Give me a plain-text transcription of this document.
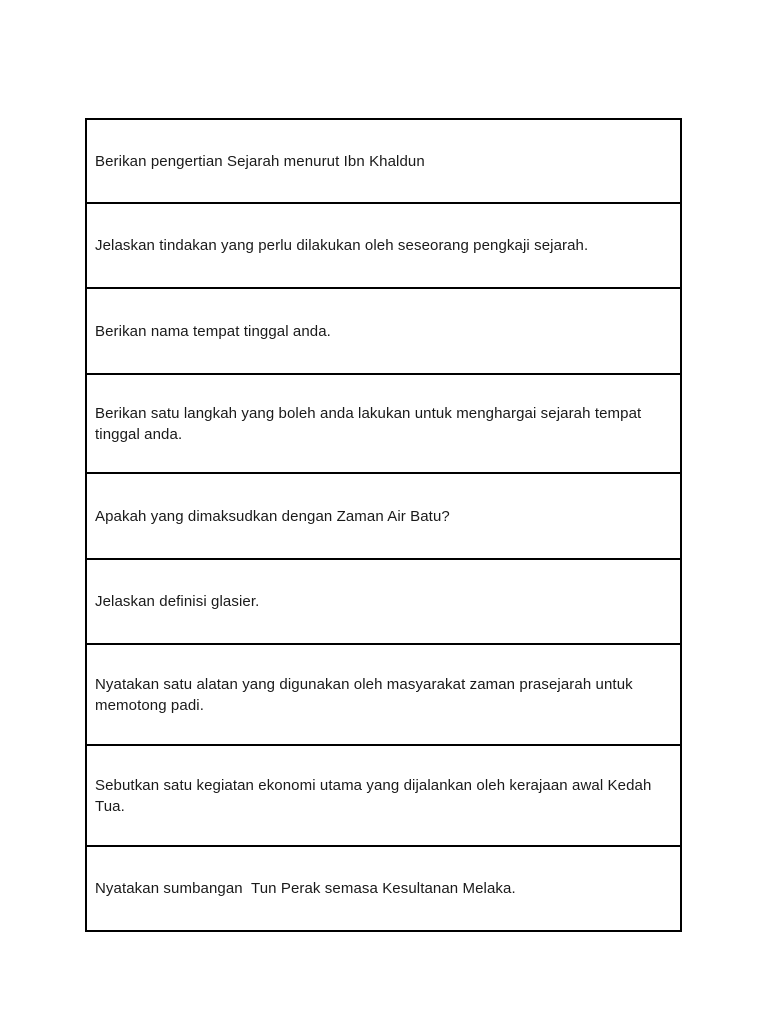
Berikan pengertian Sejarah menurut Ibn Khaldun
Jelaskan tindakan yang perlu dilakukan oleh seseorang pengkaji sejarah.
Berikan nama tempat tinggal anda.
Berikan satu langkah yang boleh anda lakukan untuk menghargai sejarah tempat tinggal anda.
Apakah yang dimaksudkan dengan Zaman Air Batu?
Jelaskan definisi glasier.
Nyatakan satu alatan yang digunakan oleh masyarakat zaman prasejarah untuk memotong padi.
Sebutkan satu kegiatan ekonomi utama yang dijalankan oleh kerajaan awal Kedah Tua.
Nyatakan sumbangan  Tun Perak semasa Kesultanan Melaka.
